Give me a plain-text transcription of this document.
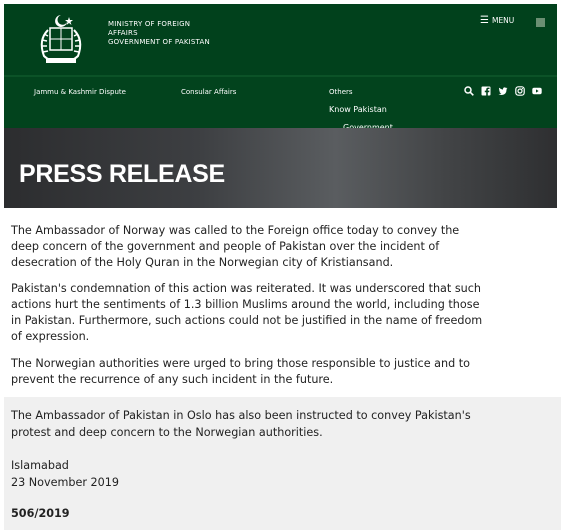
MINISTRY OF FOREIGN
AFFAIRS
GOVERNMENT OF PAKISTAN
☰ MENU
Jammu & Kashmir Dispute	Consular Affairs	Others
Know Pakistan
PRESS RELEASE
The Ambassador of Norway was called to the Foreign office today to convey the
deep concern of the government and people of Pakistan over the incident of
desecration of the Holy Quran in the Norwegian city of Kristiansand.
Pakistan's condemnation of this action was reiterated. It was underscored that such
actions hurt the sentiments of 1.3 billion Muslims around the world, including those
in Pakistan. Furthermore, such actions could not be justified in the name of freedom
of expression.
The Norwegian authorities were urged to bring those responsible to justice and to
prevent the recurrence of any such incident in the future.
The Ambassador of Pakistan in Oslo has also been instructed to convey Pakistan's
protest and deep concern to the Norwegian authorities.
Islamabad
23 November 2019
506/2019
